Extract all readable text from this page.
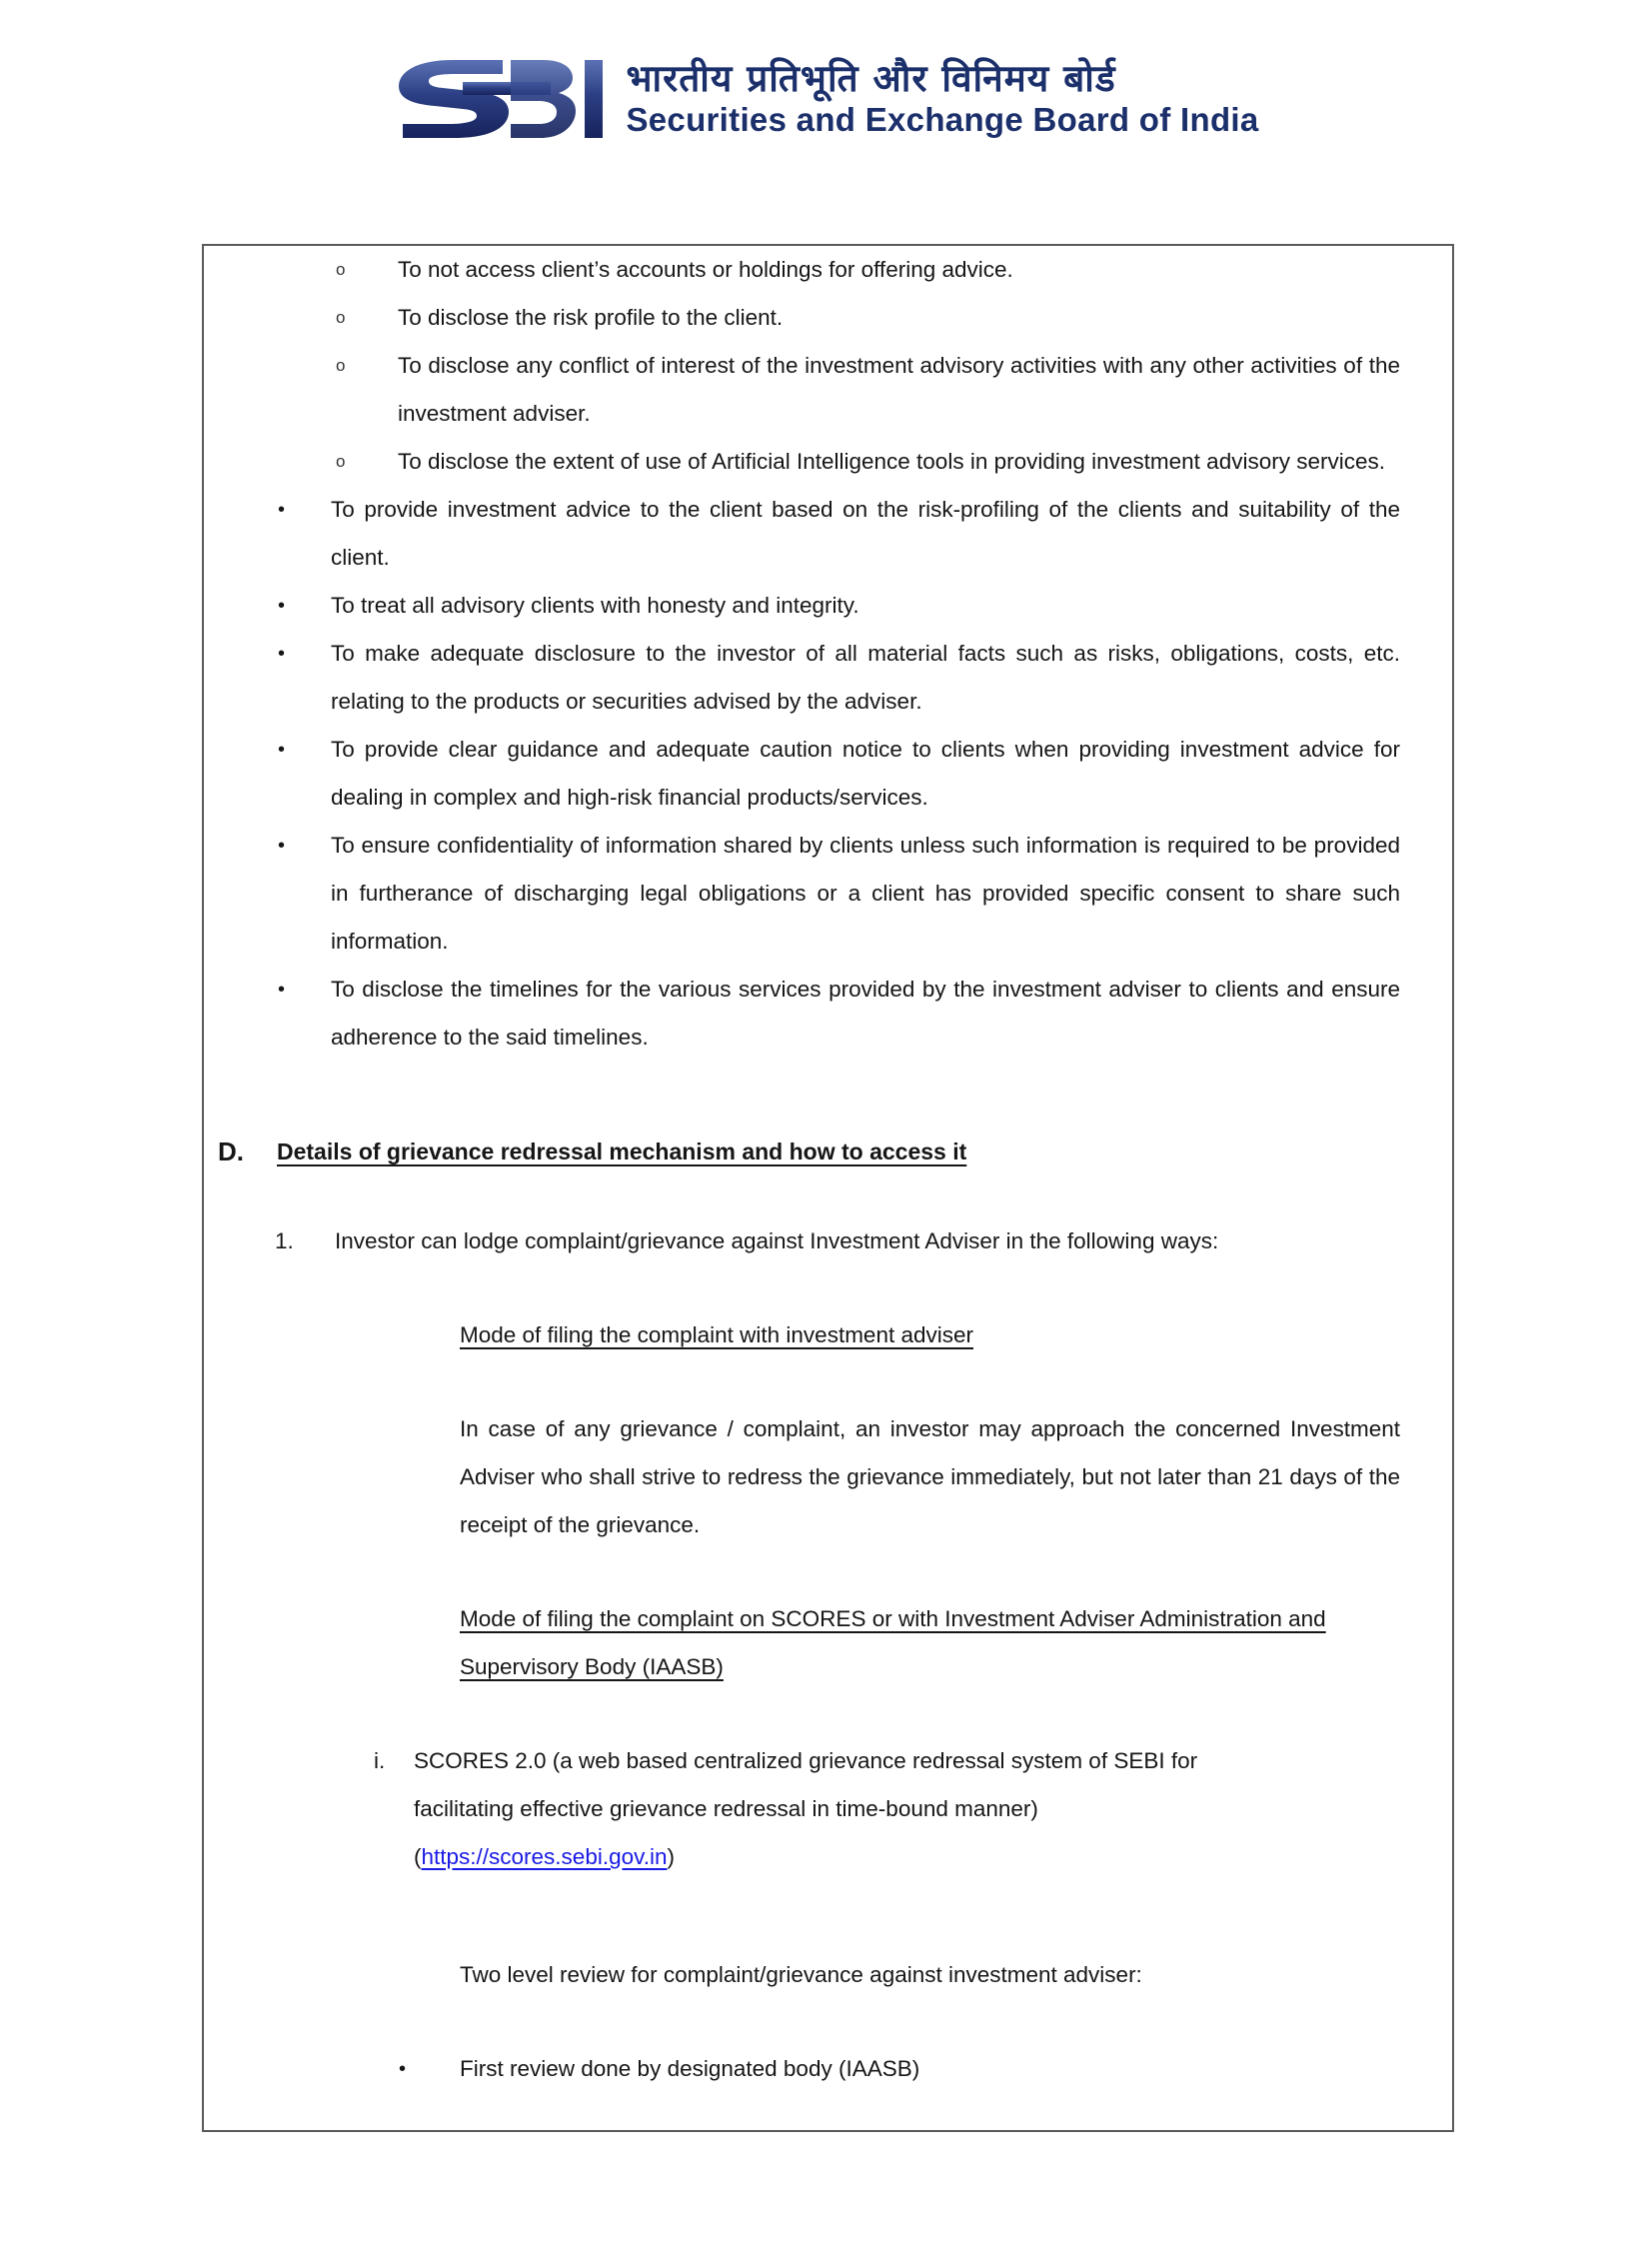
भारतीय प्रतिभूति और विनिमय बोर्ड
Securities and Exchange Board of India
o	To not access client’s accounts or holdings for offering advice.
o	To disclose the risk profile to the client.
o	To disclose any conflict of interest of the investment advisory activities with any other activities of the investment adviser.
o	To disclose the extent of use of Artificial Intelligence tools in providing investment advisory services.
•	To provide investment advice to the client based on the risk-profiling of the clients and suitability of the client.
•	To treat all advisory clients with honesty and integrity.
•	To make adequate disclosure to the investor of all material facts such as risks, obligations, costs, etc. relating to the products or securities advised by the adviser.
•	To provide clear guidance and adequate caution notice to clients when providing investment advice for dealing in complex and high-risk financial products/services.
•	To ensure confidentiality of information shared by clients unless such information is required to be provided in furtherance of discharging legal obligations or a client has provided specific consent to share such information.
•	To disclose the timelines for the various services provided by the investment adviser to clients and ensure adherence to the said timelines.
D.	Details of grievance redressal mechanism and how to access it
1.	Investor can lodge complaint/grievance against Investment Adviser in the following ways:
Mode of filing the complaint with investment adviser
In case of any grievance / complaint, an investor may approach the concerned Investment Adviser who shall strive to redress the grievance immediately, but not later than 21 days of the receipt of the grievance.
Mode of filing the complaint on SCORES or with Investment Adviser Administration and Supervisory Body (IAASB)
i.	SCORES 2.0 (a web based centralized grievance redressal system of SEBI for facilitating effective grievance redressal in time-bound manner)
(https://scores.sebi.gov.in)
Two level review for complaint/grievance against investment adviser:
•	First review done by designated body (IAASB)
